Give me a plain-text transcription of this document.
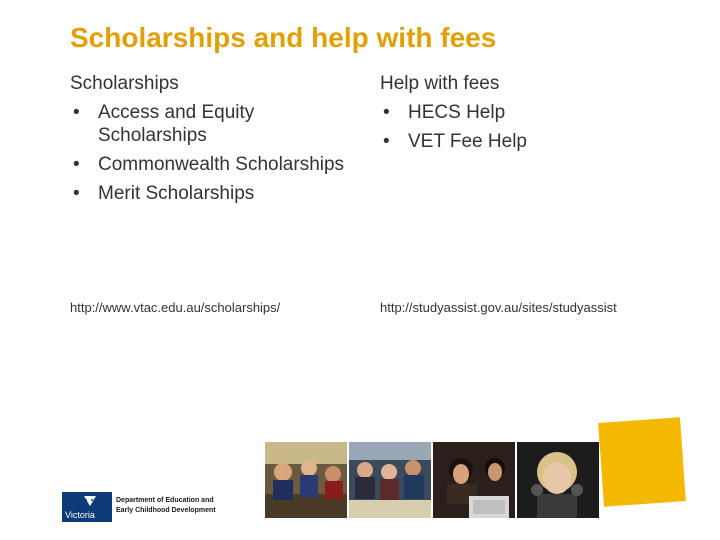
Scholarships and help with fees
Scholarships
• Access and Equity Scholarships
• Commonwealth Scholarships
• Merit Scholarships
Help with fees
• HECS Help
• VET Fee Help
http://www.vtac.edu.au/scholarships/	http://studyassist.gov.au/sites/studyassist
Victoria
Department of Education and
Early Childhood Development
